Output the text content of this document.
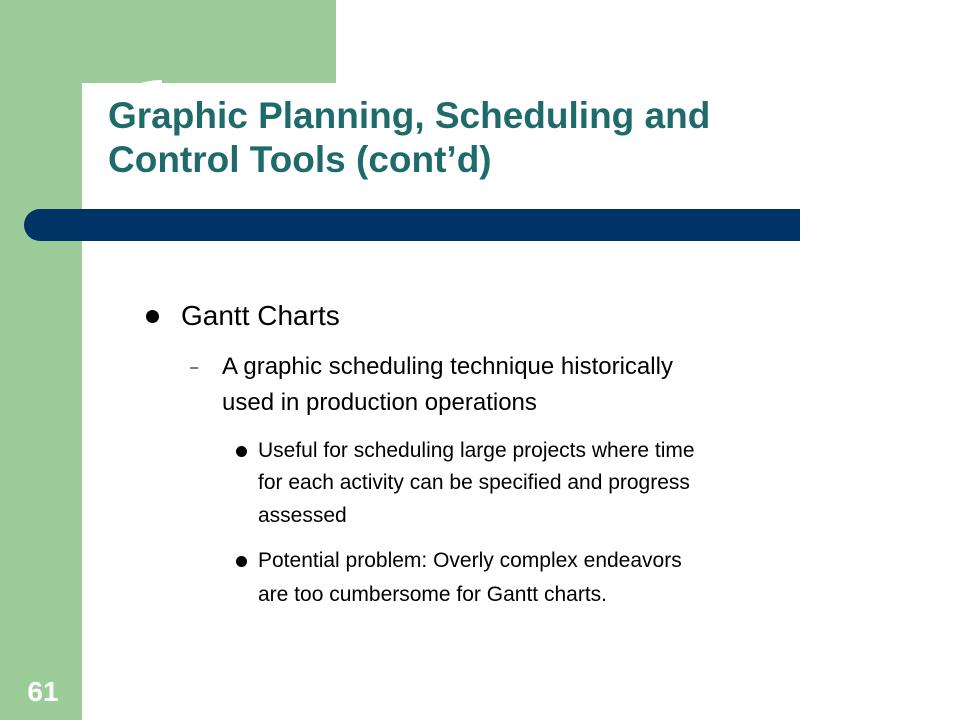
Graphic Planning, Scheduling and
Control Tools (cont’d)
Gantt Charts
– A graphic scheduling technique historically
used in production operations
Useful for scheduling large projects where time
for each activity can be specified and progress
assessed
Potential problem: Overly complex endeavors
are too cumbersome for Gantt charts.
61
